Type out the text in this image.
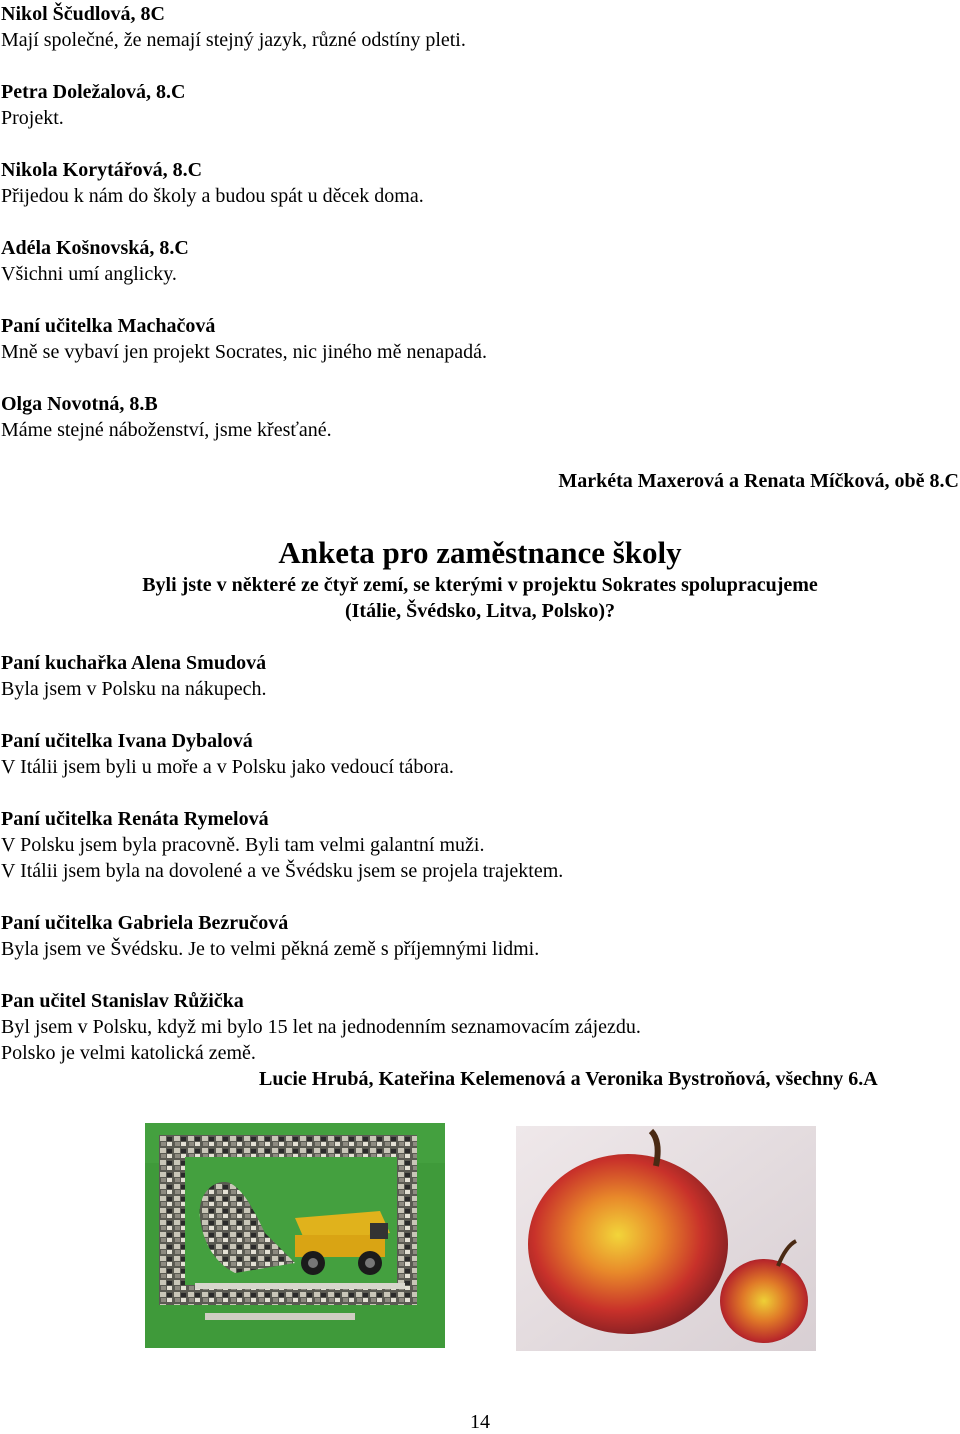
Nikol Ščudlová, 8C
Mají společné, že nemají stejný jazyk, různé odstíny pleti.
Petra Doležalová, 8.C
Projekt.
Nikola Korytářová, 8.C
Přijedou k nám do školy a budou spát u děcek doma.
Adéla Košnovská, 8.C
Všichni umí anglicky.
Paní učitelka Machačová
Mně se vybaví jen projekt Socrates, nic jiného mě nenapadá.
Olga Novotná, 8.B
Máme stejné náboženství, jsme křesťané.
Markéta Maxerová a Renata Míčková, obě 8.C
Anketa pro zaměstnance školy
Byli jste v některé ze čtyř zemí, se kterými v projektu Sokrates spolupracujeme
(Itálie, Švédsko, Litva, Polsko)?
Paní kuchařka Alena Smudová
Byla jsem v Polsku na nákupech.
Paní učitelka Ivana Dybalová
V Itálii jsem byli u moře a v Polsku jako vedoucí tábora.
Paní učitelka Renáta Rymelová
V Polsku jsem byla pracovně. Byli tam velmi galantní muži.
V Itálii jsem byla na dovolené a ve Švédsku jsem se projela trajektem.
Paní učitelka Gabriela Bezručová
Byla jsem ve Švédsku. Je to velmi pěkná země s příjemnými lidmi.
Pan učitel Stanislav Růžička
Byl jsem v Polsku, když mi bylo 15 let na jednodenním seznamovacím zájezdu.
Polsko je velmi katolická země.
Lucie Hrubá, Kateřina Kelemenová a Veronika Bystroňová, všechny 6.A
14
